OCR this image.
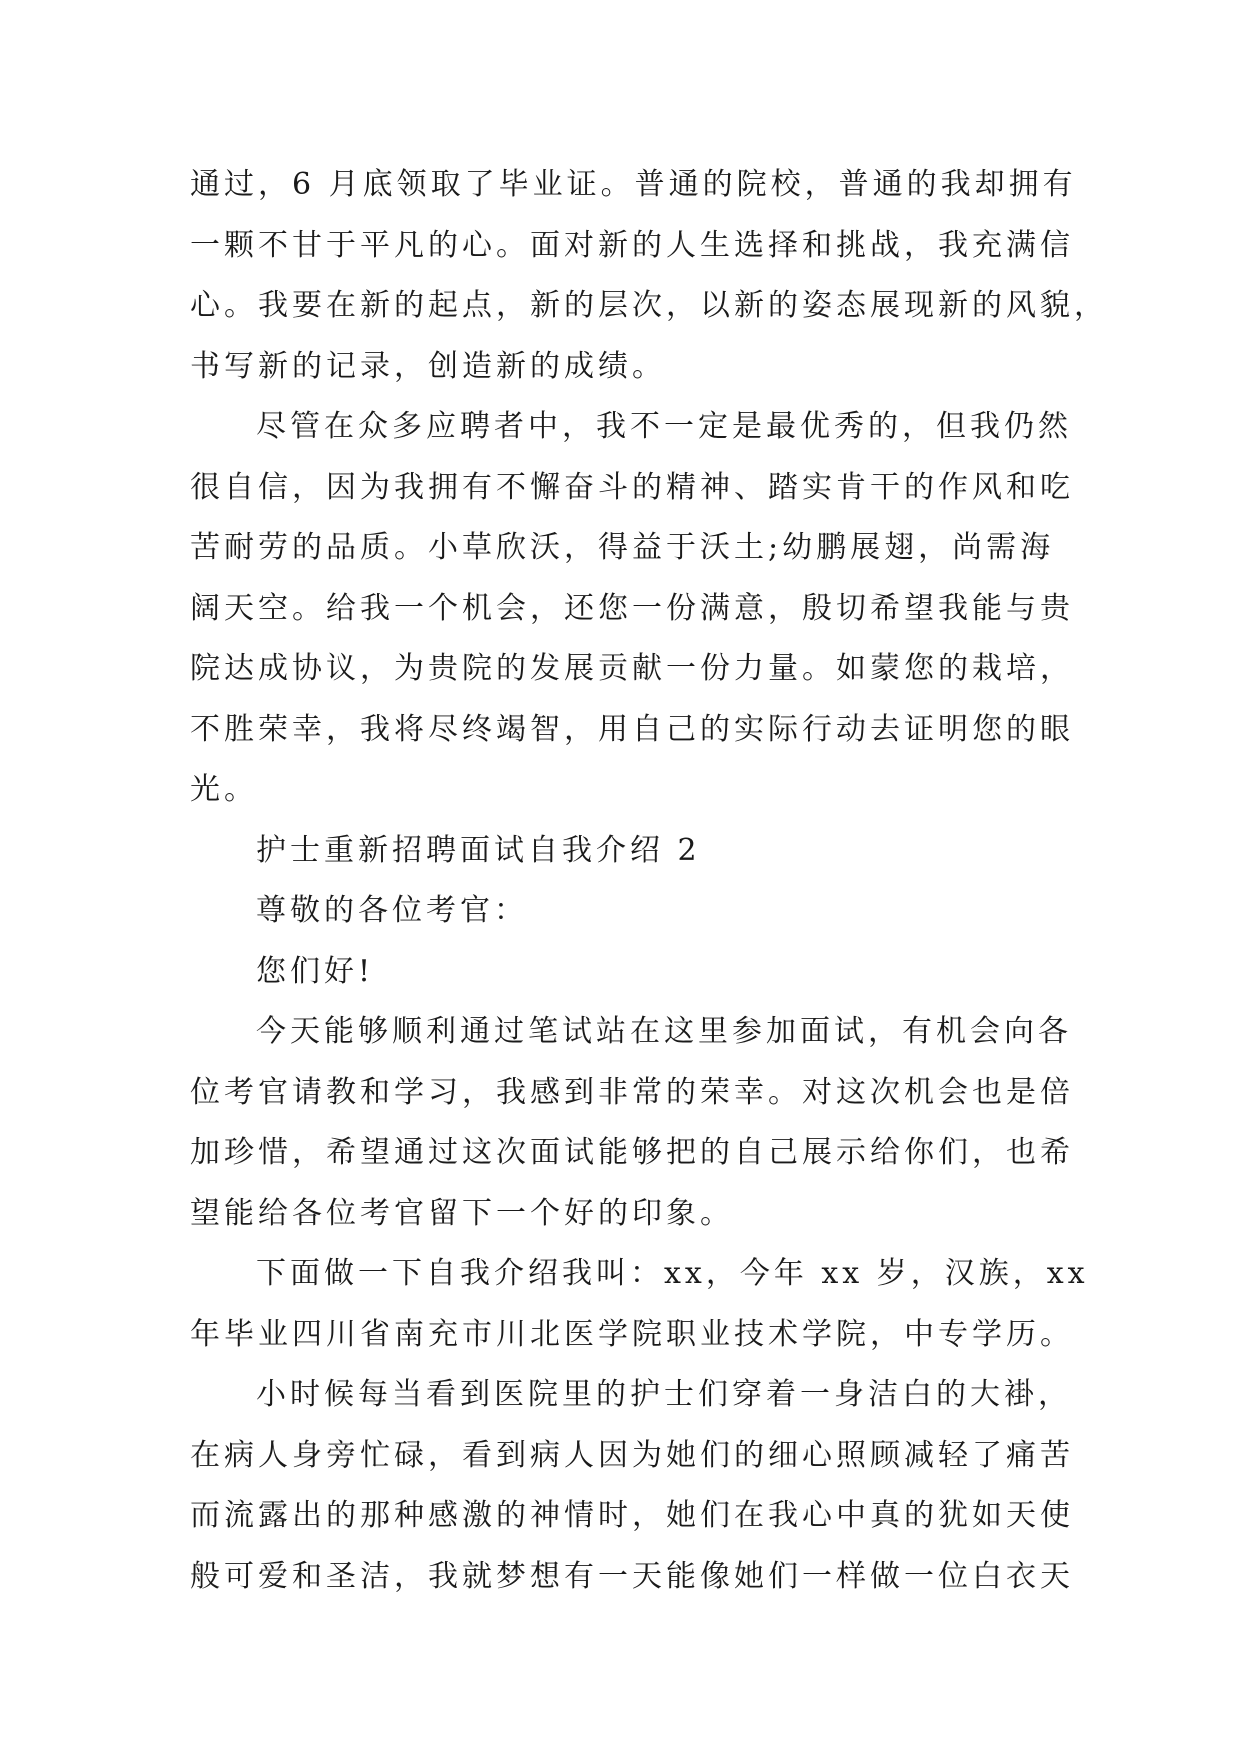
通过，6 月底领取了毕业证。普通的院校，普通的我却拥有
一颗不甘于平凡的心。面对新的人生选择和挑战，我充满信
心。我要在新的起点，新的层次，以新的姿态展现新的风貌，
书写新的记录，创造新的成绩。
尽管在众多应聘者中，我不一定是最优秀的，但我仍然
很自信，因为我拥有不懈奋斗的精神、踏实肯干的作风和吃
苦耐劳的品质。小草欣沃，得益于沃土;幼鹏展翅，尚需海
阔天空。给我一个机会，还您一份满意，殷切希望我能与贵
院达成协议，为贵院的发展贡献一份力量。如蒙您的栽培，
不胜荣幸，我将尽终竭智，用自己的实际行动去证明您的眼
光。
护士重新招聘面试自我介绍 2
尊敬的各位考官：
您们好!
今天能够顺利通过笔试站在这里参加面试，有机会向各
位考官请教和学习，我感到非常的荣幸。对这次机会也是倍
加珍惜，希望通过这次面试能够把的自己展示给你们，也希
望能给各位考官留下一个好的印象。
下面做一下自我介绍我叫：xx，今年 xx 岁，汉族，xx
年毕业四川省南充市川北医学院职业技术学院，中专学历。
小时候每当看到医院里的护士们穿着一身洁白的大褂，
在病人身旁忙碌，看到病人因为她们的细心照顾减轻了痛苦
而流露出的那种感激的神情时，她们在我心中真的犹如天使
般可爱和圣洁，我就梦想有一天能像她们一样做一位白衣天
